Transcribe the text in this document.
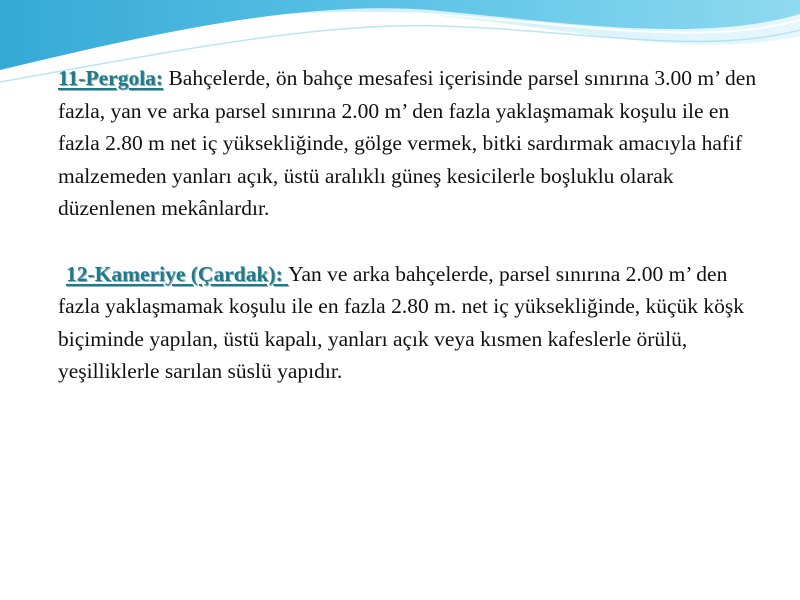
11-Pergola: Bahçelerde, ön bahçe mesafesi içerisinde parsel sınırına 3.00 m’ den fazla, yan ve arka parsel sınırına 2.00 m’ den fazla yaklaşmamak koşulu ile en fazla 2.80 m net iç yüksekliğinde, gölge vermek, bitki sardırmak amacıyla hafif malzemeden yanları açık, üstü aralıklı güneş kesicilerle boşluklu olarak düzenlenen mekânlardır.

12-Kameriye (Çardak): Yan ve arka bahçelerde, parsel sınırına 2.00 m’ den fazla yaklaşmamak koşulu ile en fazla 2.80 m. net iç yüksekliğinde, küçük köşk biçiminde yapılan, üstü kapalı, yanları açık veya kısmen kafeslerle örülü, yeşilliklerle sarılan süslü yapıdır.
